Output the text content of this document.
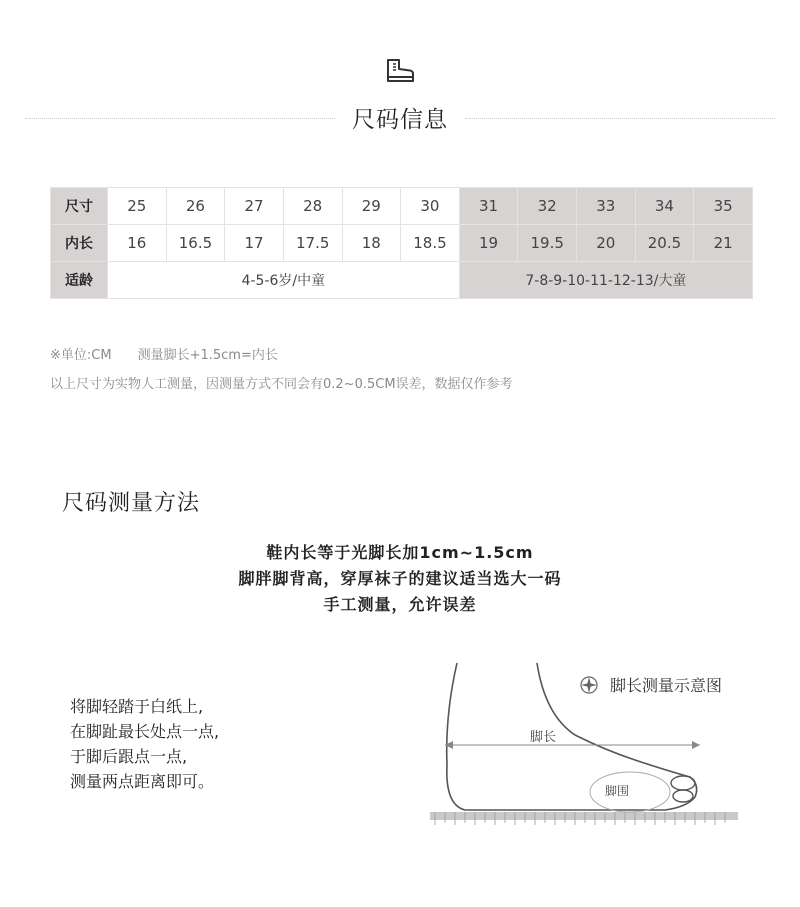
尺码信息
尺寸	25	26	27	28	29	30	31	32	33	34	35
内长	16	16.5	17	17.5	18	18.5	19	19.5	20	20.5	21
适龄	4-5-6岁/中童						7-8-9-10-11-12-13/大童				
※单位:CM 测量脚长+1.5cm=内长
以上尺寸为实物人工测量，因测量方式不同会有0.2~0.5CM误差，数据仅作参考
尺码测量方法
鞋内长等于光脚长加1cm~1.5cm
脚胖脚背高，穿厚袜子的建议适当选大一码
手工测量，允许误差
将脚轻踏于白纸上,
在脚趾最长处点一点,
于脚后跟点一点,
测量两点距离即可。
脚长
脚围
脚长测量示意图
